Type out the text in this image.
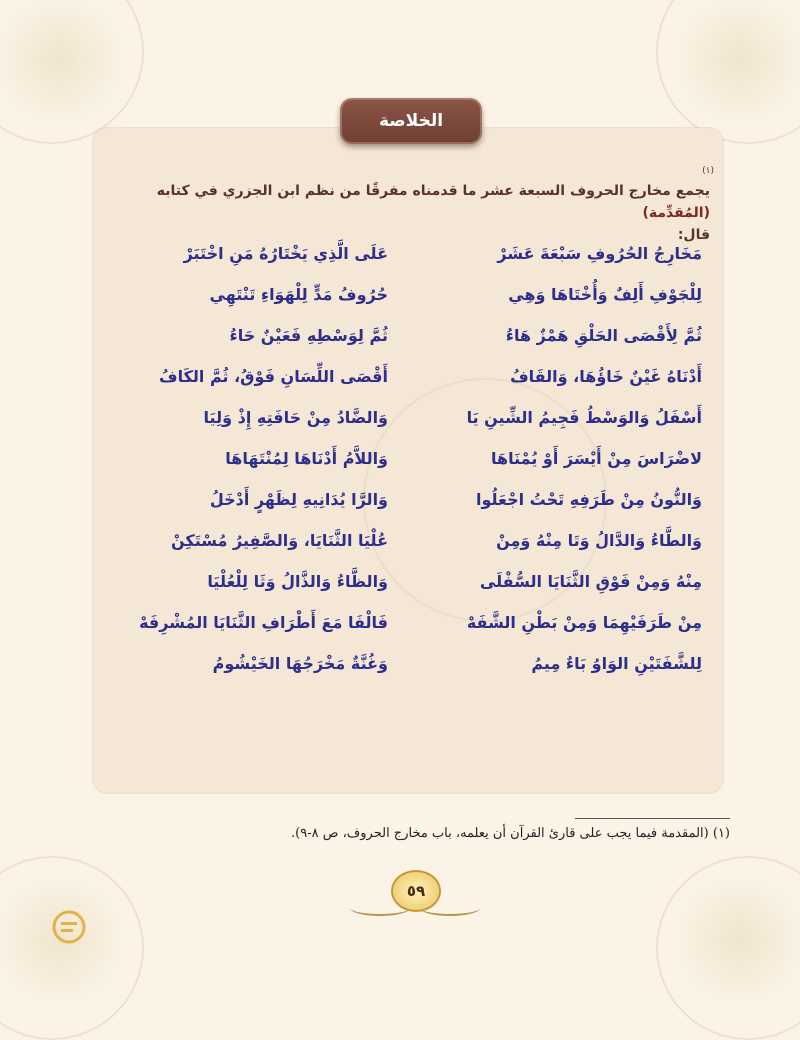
الخلاصة
(١)
يجمع مخارج الحروف السبعة عشر ما قدمناه مفرقًا من نظم ابن الجزري في كتابه (المُقدِّمة)
قال:
مَخَارِجُ الحُرُوفِ سَبْعَةَ عَشَرْ
عَلَى الَّذِي يَخْتَارُهُ مَنِ اخْتَبَرْ
لِلْجَوْفِ أَلِفٌ وَأُخْتَاهَا وَهِي
حُرُوفُ مَدٍّ لِلْهَوَاءِ تَنْتَهِي
ثُمَّ لِأَقْصَى الحَلْقِ هَمْزٌ هَاءُ
ثُمَّ لِوَسْطِهِ فَعَيْنٌ حَاءُ
أَدْنَاهُ غَيْنٌ خَاؤُهَا، وَالقَافُ
أَقْصَى اللِّسَانِ فَوْقُ، ثُمَّ الكَافُ
أَسْفَلُ وَالوَسْطُ فَجِيمُ الشِّينِ يَا
وَالضَّادُ مِنْ حَافَتِهِ إِذْ وَلِيَا
لاضْرَاسَ مِنْ أَيْسَرَ أَوْ يُمْنَاهَا
وَاللاَّمُ أَدْنَاهَا لِمُنْتَهَاهَا
وَالنُّونُ مِنْ طَرَفِهِ تَحْتُ اجْعَلُوا
وَالرَّا يُدَانِيهِ لِظَهْرٍ أَدْخَلُ
وَالطَّاءُ وَالدَّالُ وَتَا مِنْهُ وَمِنْ
عُلْيَا الثَّنَايَا، وَالصَّفِيرُ مُسْتَكِنْ
مِنْهُ وَمِنْ فَوْقِ الثَّنَايَا السُّفْلَى
وَالظَّاءُ وَالذَّالُ وَثَا لِلْعُلْيَا
مِنْ طَرَفَيْهِمَا وَمِنْ بَطْنِ الشَّفَهْ
فَالْفَا مَعَ أَطْرَافِ الثَّنَايَا المُشْرِفَهْ
لِلشَّفَتَيْنِ الوَاوُ بَاءٌ مِيمُ
وَغُنَّةٌ مَخْرَجُهَا الخَيْشُومُ
(١) (المقدمة فيما يجب على قارئ القرآن أن يعلمه، باب مخارج الحروف، ص ٨-٩).
٥٩
